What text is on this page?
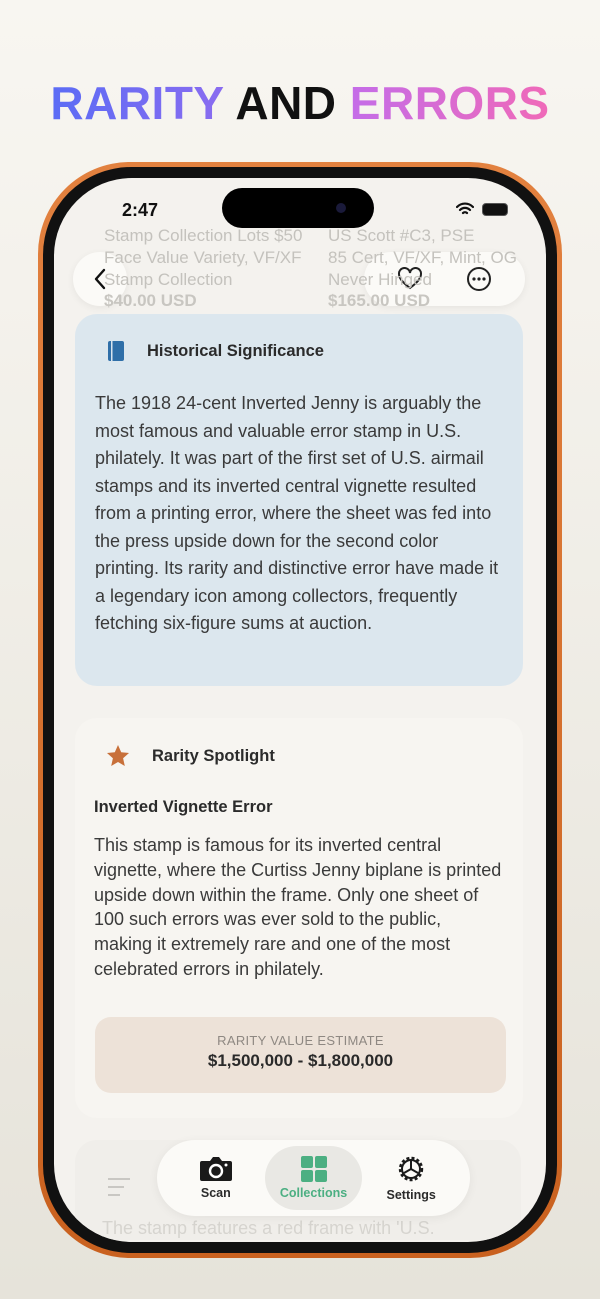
RARITY AND ERRORS
2:47
Stamp Collection Lots $50
Face Value Variety, VF/XF
Stamp Collection
$40.00 USD
US Scott #C3, PSE
85 Cert, VF/XF, Mint, OG
Never Hinged
$165.00 USD
Historical Significance
The 1918 24-cent Inverted Jenny is arguably the most famous and valuable error stamp in U.S. philately. It was part of the first set of U.S. airmail stamps and its inverted central vignette resulted from a printing error, where the sheet was fed into the press upside down for the second color printing. Its rarity and distinctive error have made it a legendary icon among collectors, frequently fetching six-figure sums at auction.
Rarity Spotlight
Inverted Vignette Error
This stamp is famous for its inverted central vignette, where the Curtiss Jenny biplane is printed upside down within the frame. Only one sheet of 100 such errors was ever sold to the public, making it extremely rare and one of the most celebrated errors in philately.
RARITY VALUE ESTIMATE
$1,500,000 - $1,800,000
The stamp features a red frame with 'U.S.
Scan	Collections	Settings
